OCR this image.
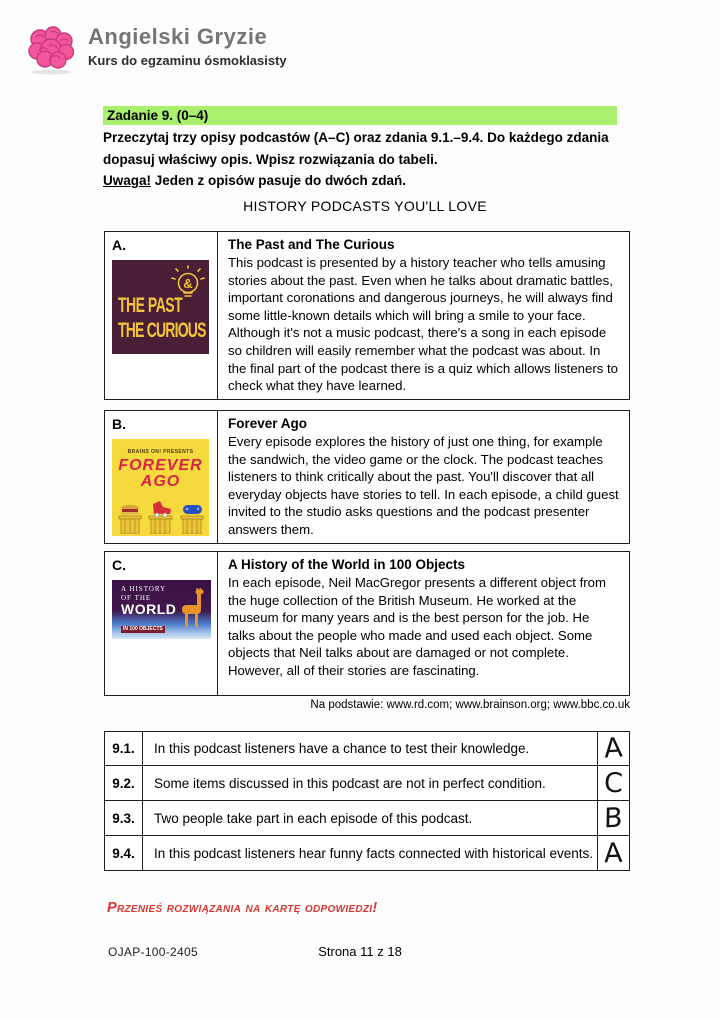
Angielski Gryzie
Kurs do egzaminu ósmoklasisty
Zadanie 9. (0–4)
Przeczytaj trzy opisy podcastów (A–C) oraz zdania 9.1.–9.4. Do każdego zdania dopasuj właściwy opis. Wpisz rozwiązania do tabeli.
Uwaga! Jeden z opisów pasuje do dwóch zdań.
HISTORY PODCASTS YOU'LL LOVE
A.
THE PAST
THE CURIOUS
&
The Past and The Curious
This podcast is presented by a history teacher who tells amusing stories about the past. Even when he talks about dramatic battles, important coronations and dangerous journeys, he will always find some little-known details which will bring a smile to your face. Although it's not a music podcast, there's a song in each episode so children will easily remember what the podcast was about. In the final part of the podcast there is a quiz which allows listeners to check what they have learned.
B.
BRAINS ON! PRESENTS
FOREVER
AGO
Forever Ago
Every episode explores the history of just one thing, for example the sandwich, the video game or the clock. The podcast teaches listeners to think critically about the past. You'll discover that all everyday objects have stories to tell. In each episode, a child guest invited to the studio asks questions and the podcast presenter answers them.
C.
A HISTORY
OF THE
WORLD
IN 100 OBJECTS
A History of the World in 100 Objects
In each episode, Neil MacGregor presents a different object from the huge collection of the British Museum. He worked at the museum for many years and is the best person for the job. He talks about the people who made and used each object. Some objects that Neil talks about are damaged or not complete. However, all of their stories are fascinating.
Na podstawie: www.rd.com; www.brainson.org; www.bbc.co.uk
9.1.	In this podcast listeners have a chance to test their knowledge.	A
9.2.	Some items discussed in this podcast are not in perfect condition.	C
9.3.	Two people take part in each episode of this podcast.	B
9.4.	In this podcast listeners hear funny facts connected with historical events. A
Przenieś rozwiązania na kartę odpowiedzi!
OJAP-100-2405	Strona 11 z 18
